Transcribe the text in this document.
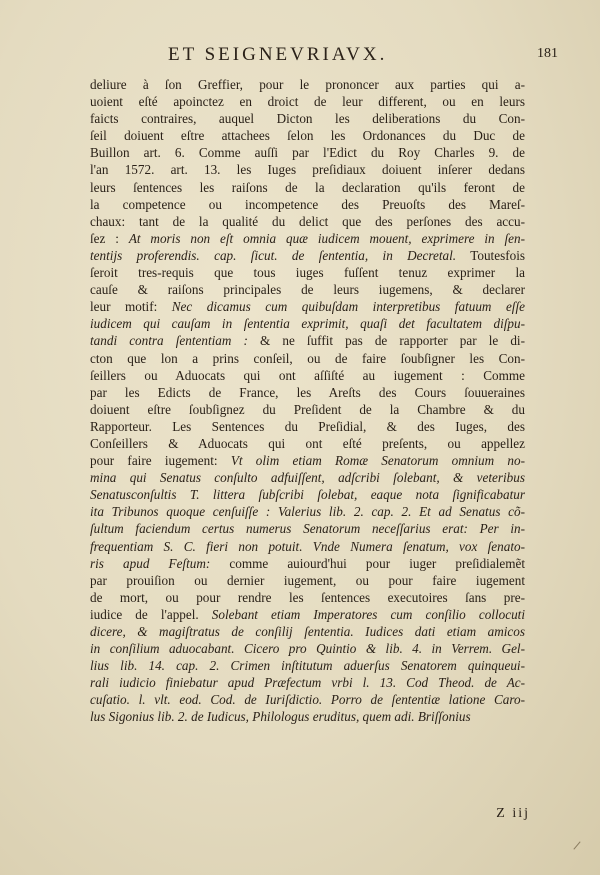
ET SEIGNEVRIAVX.	181
deliure à ſon Greffier, pour le prononcer aux parties qui a-
uoient eſté apoinctez en droict de leur different, ou en leurs
faicts contraires, auquel Dicton les deliberations du Con-
ſeil doiuent eſtre attachees ſelon les Ordonances du Duc de
Buillon art. 6. Comme auſſi par l'Edict du Roy Charles 9. de
l'an 1572. art. 13. les Iuges preſidiaux doiuent inſerer dedans
leurs ſentences les raiſons de la declaration qu'ils feront de
la competence ou incompetence des Preuoſts des Mareſ-
chaux: tant de la qualité du delict que des perſones des accu-
ſez : At moris non eſt omnia quæ iudicem mouent, exprimere in ſen-
tentijs proferendis. cap. ſicut. de ſententia, in Decretal. Toutesfois
ſeroit tres-requis que tous iuges fuſſent tenuz exprimer la
cauſe & raiſons principales de leurs iugemens, & declarer
leur motif: Nec dicamus cum quibuſdam interpretibus fatuum eſſe
iudicem qui cauſam in ſententia exprimit, quaſi det facultatem diſpu-
tandi contra ſententiam : & ne ſuffit pas de rapporter par le di-
cton que lon a prins conſeil, ou de faire ſoubſigner les Con-
ſeillers ou Aduocats qui ont aſſiſté au iugement : Comme
par les Edicts de France, les Areſts des Cours ſouueraines
doiuent eſtre ſoubſignez du Preſident de la Chambre & du
Rapporteur. Les Sentences du Preſidial, & des Iuges, des
Conſeillers & Aduocats qui ont eſté preſents, ou appellez
pour faire iugement: Vt olim etiam Romæ Senatorum omnium no-
mina qui Senatus conſulto adfuiſſent, adſcribi ſolebant, & veteribus
Senatusconſultis T. littera ſubſcribi ſolebat, eaque nota ſignificabatur
ita Tribunos quoque cenſuiſſe : Valerius lib. 2. cap. 2. Et ad Senatus cõ-
ſultum faciendum certus numerus Senatorum neceſſarius erat: Per in-
frequentiam S. C. fieri non potuit. Vnde Numera ſenatum, vox ſenato-
ris apud Feſtum: comme auiourd'hui pour iuger preſidialemẽt
par prouiſion ou dernier iugement, ou pour faire iugement
de mort, ou pour rendre les ſentences executoires ſans pre-
iudice de l'appel. Solebant etiam Imperatores cum conſilio collocuti
dicere, & magiſtratus de conſilij ſententia. Iudices dati etiam amicos
in conſilium aduocabant. Cicero pro Quintio & lib. 4. in Verrem. Gel-
lius lib. 14. cap. 2. Crimen inſtitutum aduerſus Senatorem quinqueui-
rali iudicio finiebatur apud Præfectum vrbi l. 13. Cod Theod. de Ac-
cuſatio. l. vlt. eod. Cod. de Iuriſdictio. Porro de ſententiæ latione Caro-
lus Sigonius lib. 2. de Iudicus, Philologus eruditus, quem adi. Briſſonius
Z iij
